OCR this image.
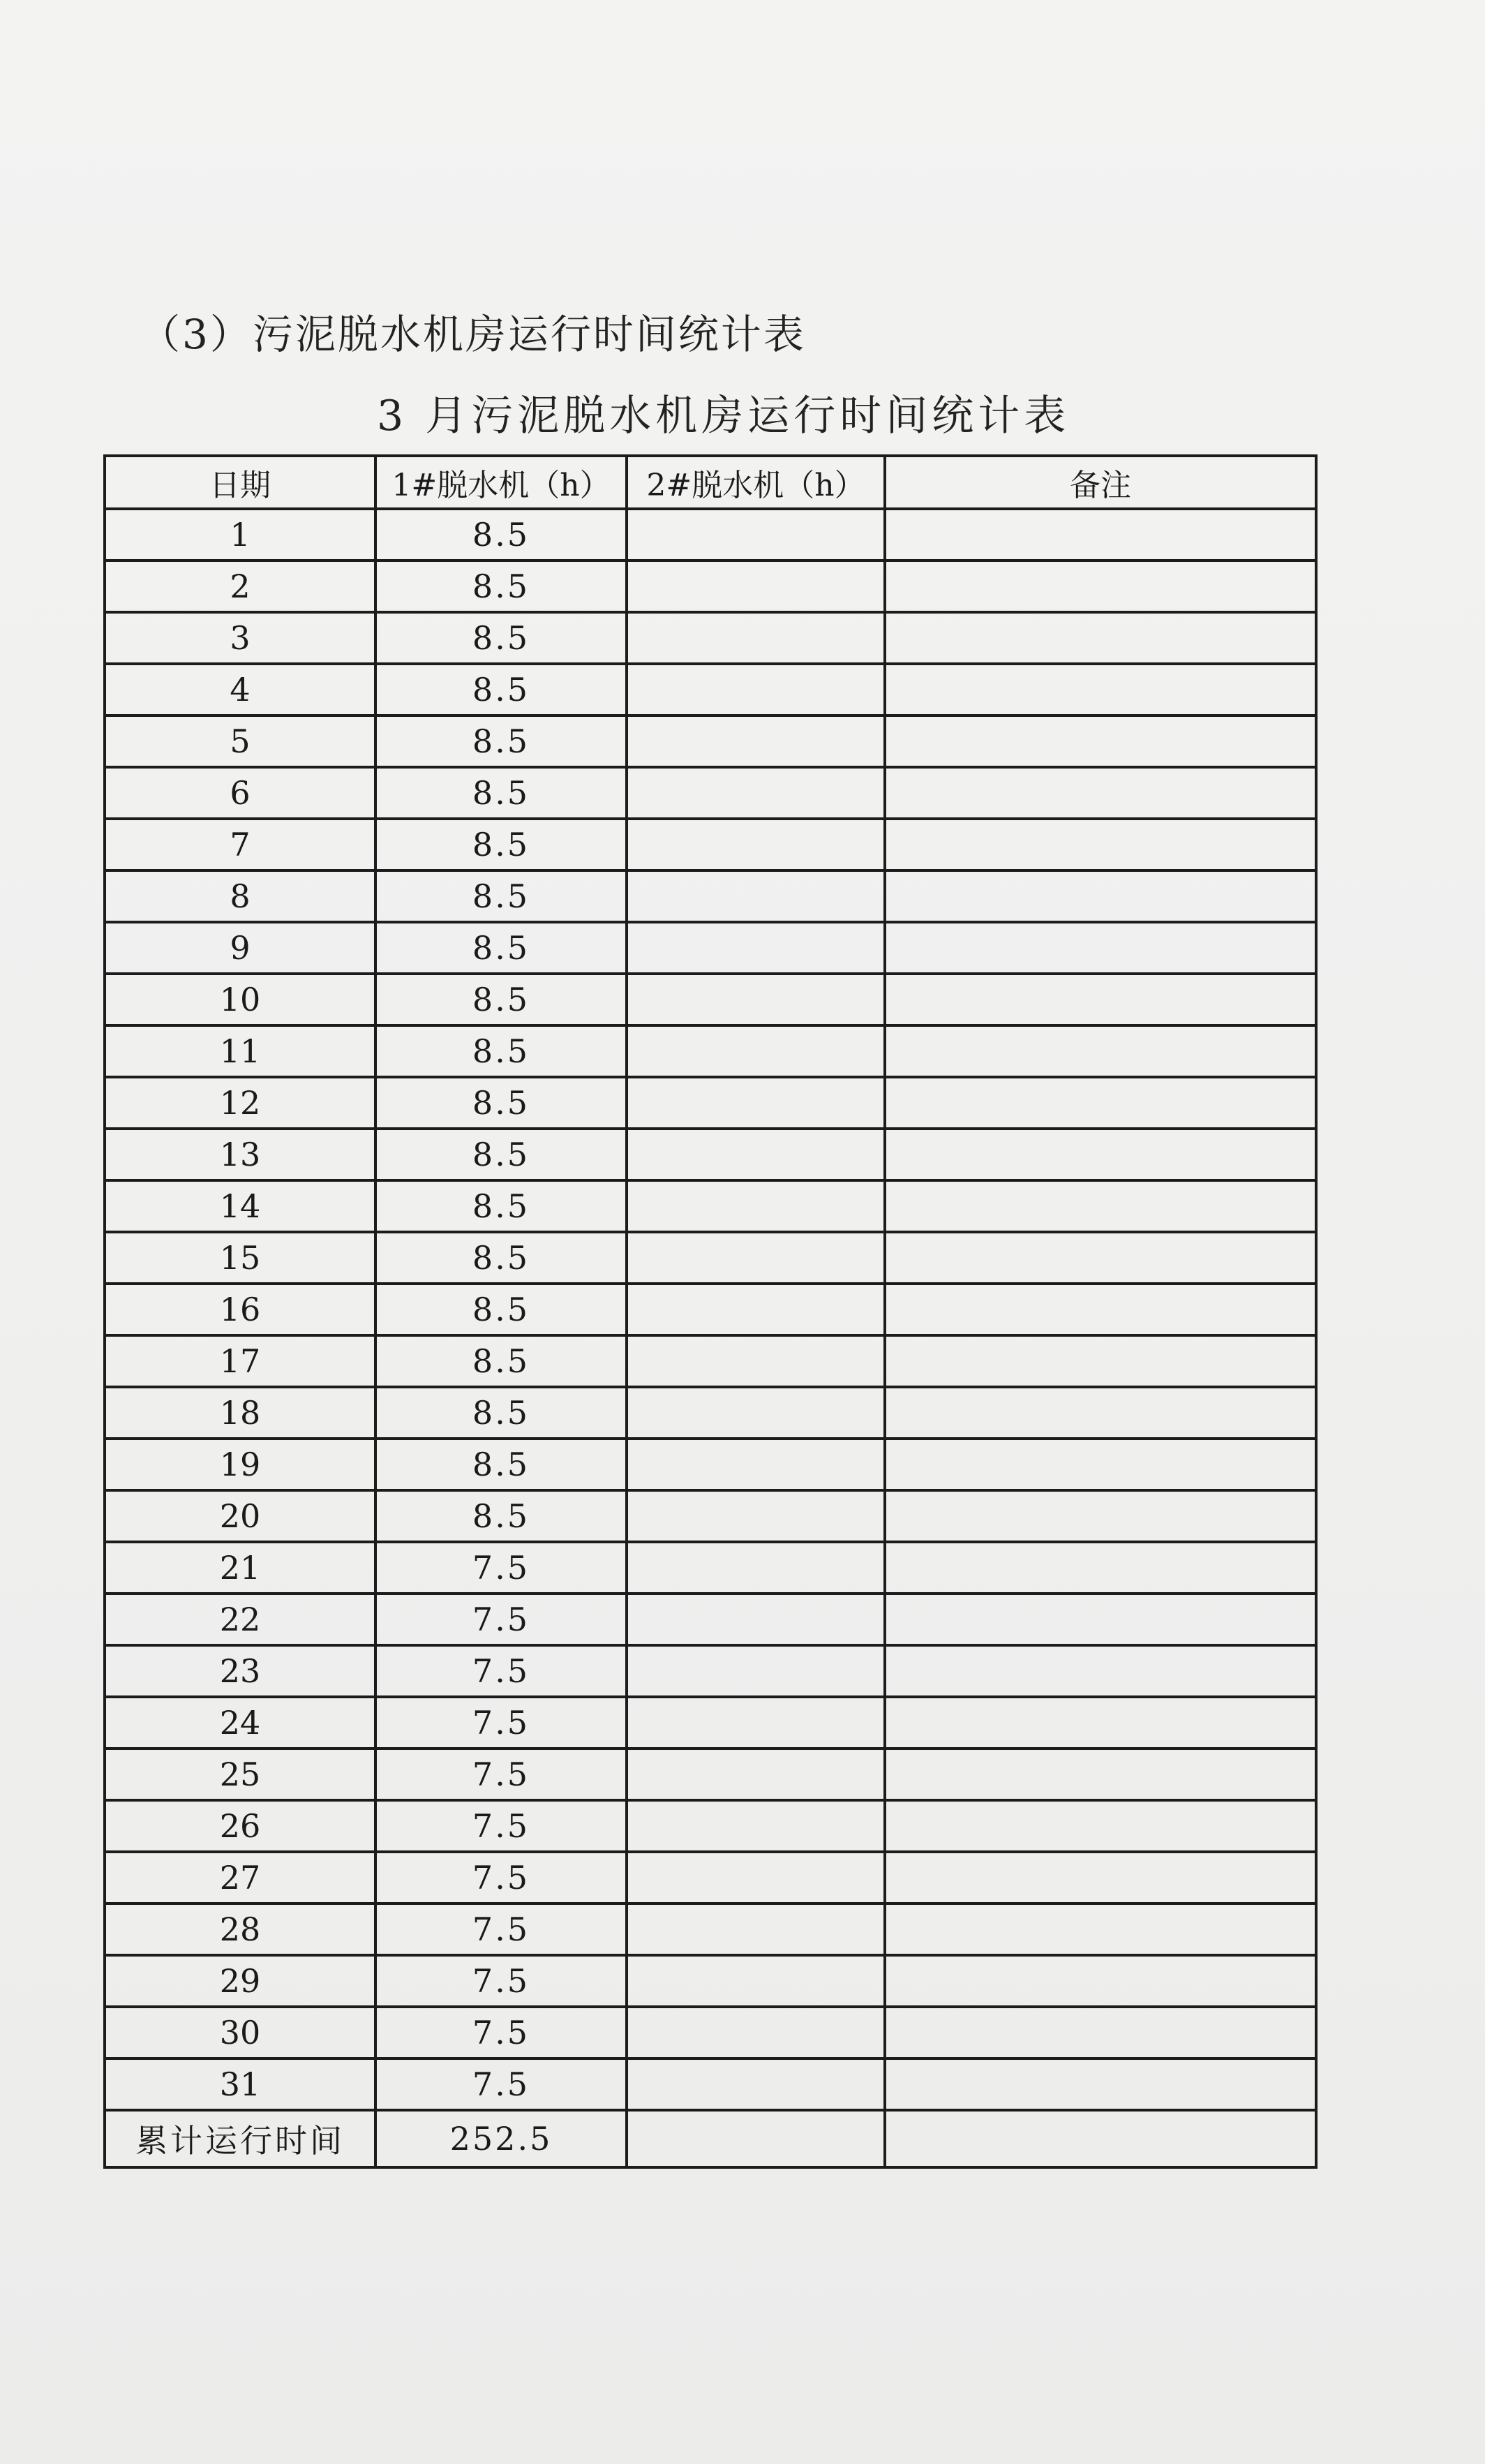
（3）污泥脱水机房运行时间统计表
3 月污泥脱水机房运行时间统计表
日期	1#脱水机（h）	2#脱水机（h）	备注
1	8.5		
2	8.5		
3	8.5		
4	8.5		
5	8.5		
6	8.5		
7	8.5		
8	8.5		
9	8.5		
10	8.5		
11	8.5		
12	8.5		
13	8.5		
14	8.5		
15	8.5		
16	8.5		
17	8.5		
18	8.5		
19	8.5		
20	8.5		
21	7.5		
22	7.5		
23	7.5		
24	7.5		
25	7.5		
26	7.5		
27	7.5		
28	7.5		
29	7.5		
30	7.5		
31	7.5		
累计运行时间	252.5		
